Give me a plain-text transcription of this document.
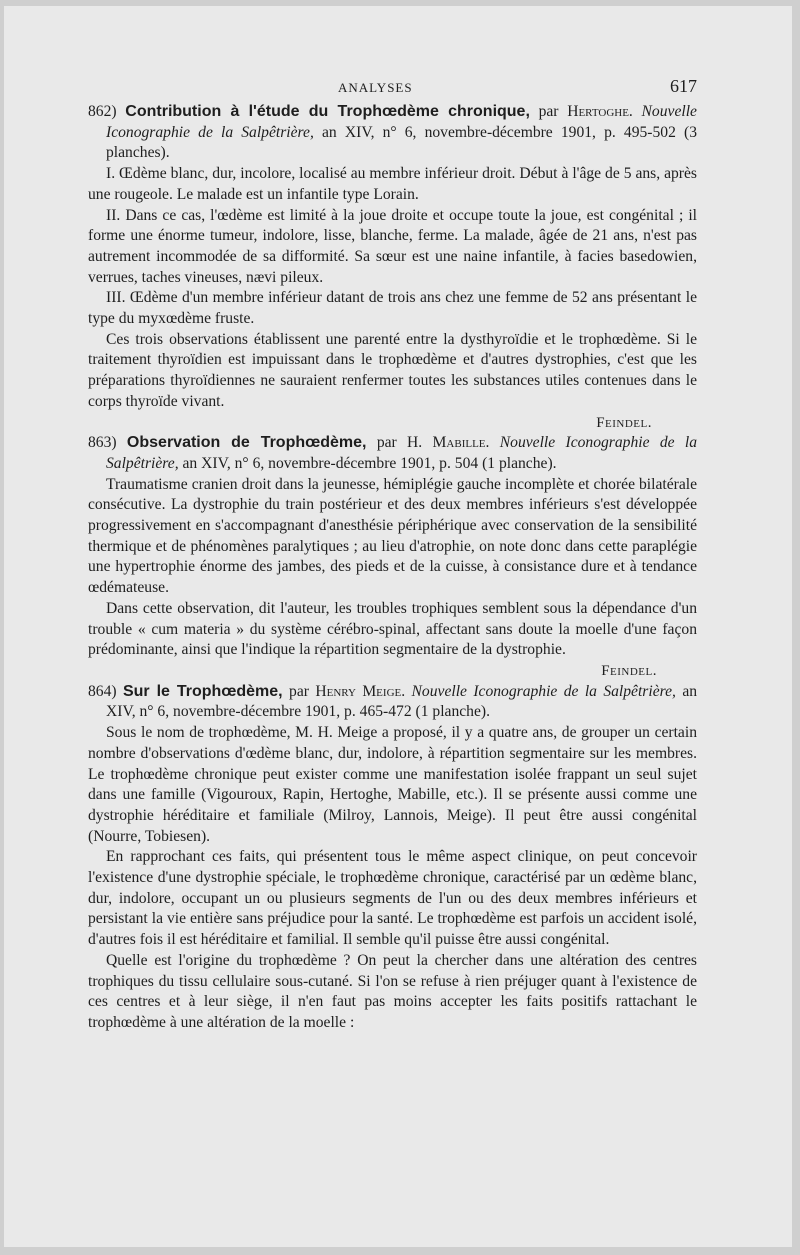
ANALYSES	617

862) Contribution à l'étude du Trophœdème chronique, par Hertoghe. Nouvelle Iconographie de la Salpêtrière, an XIV, n° 6, novembre-décembre 1901, p. 495-502 (3 planches).

I. Œdème blanc, dur, incolore, localisé au membre inférieur droit. Début à l'âge de 5 ans, après une rougeole. Le malade est un infantile type Lorain.

II. Dans ce cas, l'œdème est limité à la joue droite et occupe toute la joue, est congénital ; il forme une énorme tumeur, indolore, lisse, blanche, ferme. La malade, âgée de 21 ans, n'est pas autrement incommodée de sa difformité. Sa sœur est une naine infantile, à facies basedowien, verrues, taches vineuses, nævi pileux.

III. Œdème d'un membre inférieur datant de trois ans chez une femme de 52 ans présentant le type du myxœdème fruste.

Ces trois observations établissent une parenté entre la dysthyroïdie et le trophœdème. Si le traitement thyroïdien est impuissant dans le trophœdème et d'autres dystrophies, c'est que les préparations thyroïdiennes ne sauraient renfermer toutes les substances utiles contenues dans le corps thyroïde vivant.

Feindel.

863) Observation de Trophœdème, par H. Mabille. Nouvelle Iconographie de la Salpêtrière, an XIV, n° 6, novembre-décembre 1901, p. 504 (1 planche).

Traumatisme cranien droit dans la jeunesse, hémiplégie gauche incomplète et chorée bilatérale consécutive. La dystrophie du train postérieur et des deux membres inférieurs s'est développée progressivement en s'accompagnant d'anesthésie périphérique avec conservation de la sensibilité thermique et de phénomènes paralytiques ; au lieu d'atrophie, on note donc dans cette paraplégie une hypertrophie énorme des jambes, des pieds et de la cuisse, à consistance dure et à tendance œdémateuse.

Dans cette observation, dit l'auteur, les troubles trophiques semblent sous la dépendance d'un trouble « cum materia » du système cérébro-spinal, affectant sans doute la moelle d'une façon prédominante, ainsi que l'indique la répartition segmentaire de la dystrophie.

Feindel.

864) Sur le Trophœdème, par Henry Meige. Nouvelle Iconographie de la Salpêtrière, an XIV, n° 6, novembre-décembre 1901, p. 465-472 (1 planche).

Sous le nom de trophœdème, M. H. Meige a proposé, il y a quatre ans, de grouper un certain nombre d'observations d'œdème blanc, dur, indolore, à répartition segmentaire sur les membres. Le trophœdème chronique peut exister comme une manifestation isolée frappant un seul sujet dans une famille (Vigouroux, Rapin, Hertoghe, Mabille, etc.). Il se présente aussi comme une dystrophie héréditaire et familiale (Milroy, Lannois, Meige). Il peut être aussi congénital (Nourre, Tobiesen).

En rapprochant ces faits, qui présentent tous le même aspect clinique, on peut concevoir l'existence d'une dystrophie spéciale, le trophœdème chronique, caractérisé par un œdème blanc, dur, indolore, occupant un ou plusieurs segments de l'un ou des deux membres inférieurs et persistant la vie entière sans préjudice pour la santé. Le trophœdème est parfois un accident isolé, d'autres fois il est héréditaire et familial. Il semble qu'il puisse être aussi congénital.

Quelle est l'origine du trophœdème ? On peut la chercher dans une altération des centres trophiques du tissu cellulaire sous-cutané. Si l'on se refuse à rien préjuger quant à l'existence de ces centres et à leur siège, il n'en faut pas moins accepter les faits positifs rattachant le trophœdème à une altération de la moelle :
